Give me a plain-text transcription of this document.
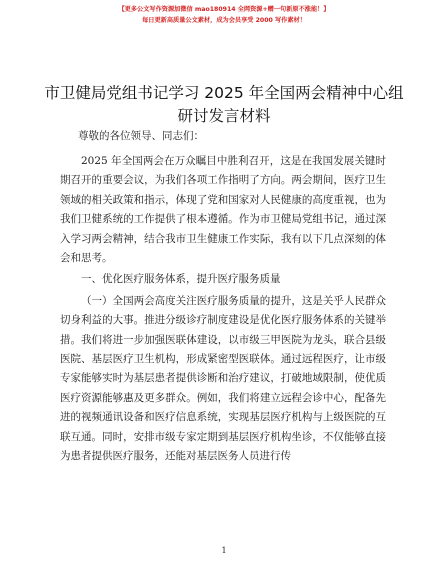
【更多公文写作资源加微信 mao180914 全网资源+赠一句新原不涨能！】
每日更新高质量公文素材，成为会员享受 2000 写作素材！
市卫健局党组书记学习 2025 年全国两会精神中心组研讨发言材料
尊敬的各位领导、同志们：

2025 年全国两会在万众瞩目中胜利召开，这是在我国发展关键时期召开的重要会议，为我们各项工作指明了方向。两会期间，医疗卫生领域的相关政策和指示，体现了党和国家对人民健康的高度重视，也为我们卫健系统的工作提供了根本遵循。作为市卫健局党组书记，通过深入学习两会精神，结合我市卫生健康工作实际，我有以下几点深刻的体会和思考。

一、优化医疗服务体系，提升医疗服务质量

（一）全国两会高度关注医疗服务质量的提升，这是关乎人民群众切身利益的大事。推进分级诊疗制度建设是优化医疗服务体系的关键举措。我们将进一步加强医联体建设，以市级三甲医院为龙头，联合县级医院、基层医疗卫生机构，形成紧密型医联体。通过远程医疗，让市级专家能够实时为基层患者提供诊断和治疗建议，打破地域限制，使优质医疗资源能够惠及更多群众。例如，我们将建立远程会诊中心，配备先进的视频通讯设备和医疗信息系统，实现基层医疗机构与上级医院的互联互通。同时，安排市级专家定期到基层医疗机构坐诊，不仅能够直接为患者提供医疗服务，还能对基层医务人员进行传

1
